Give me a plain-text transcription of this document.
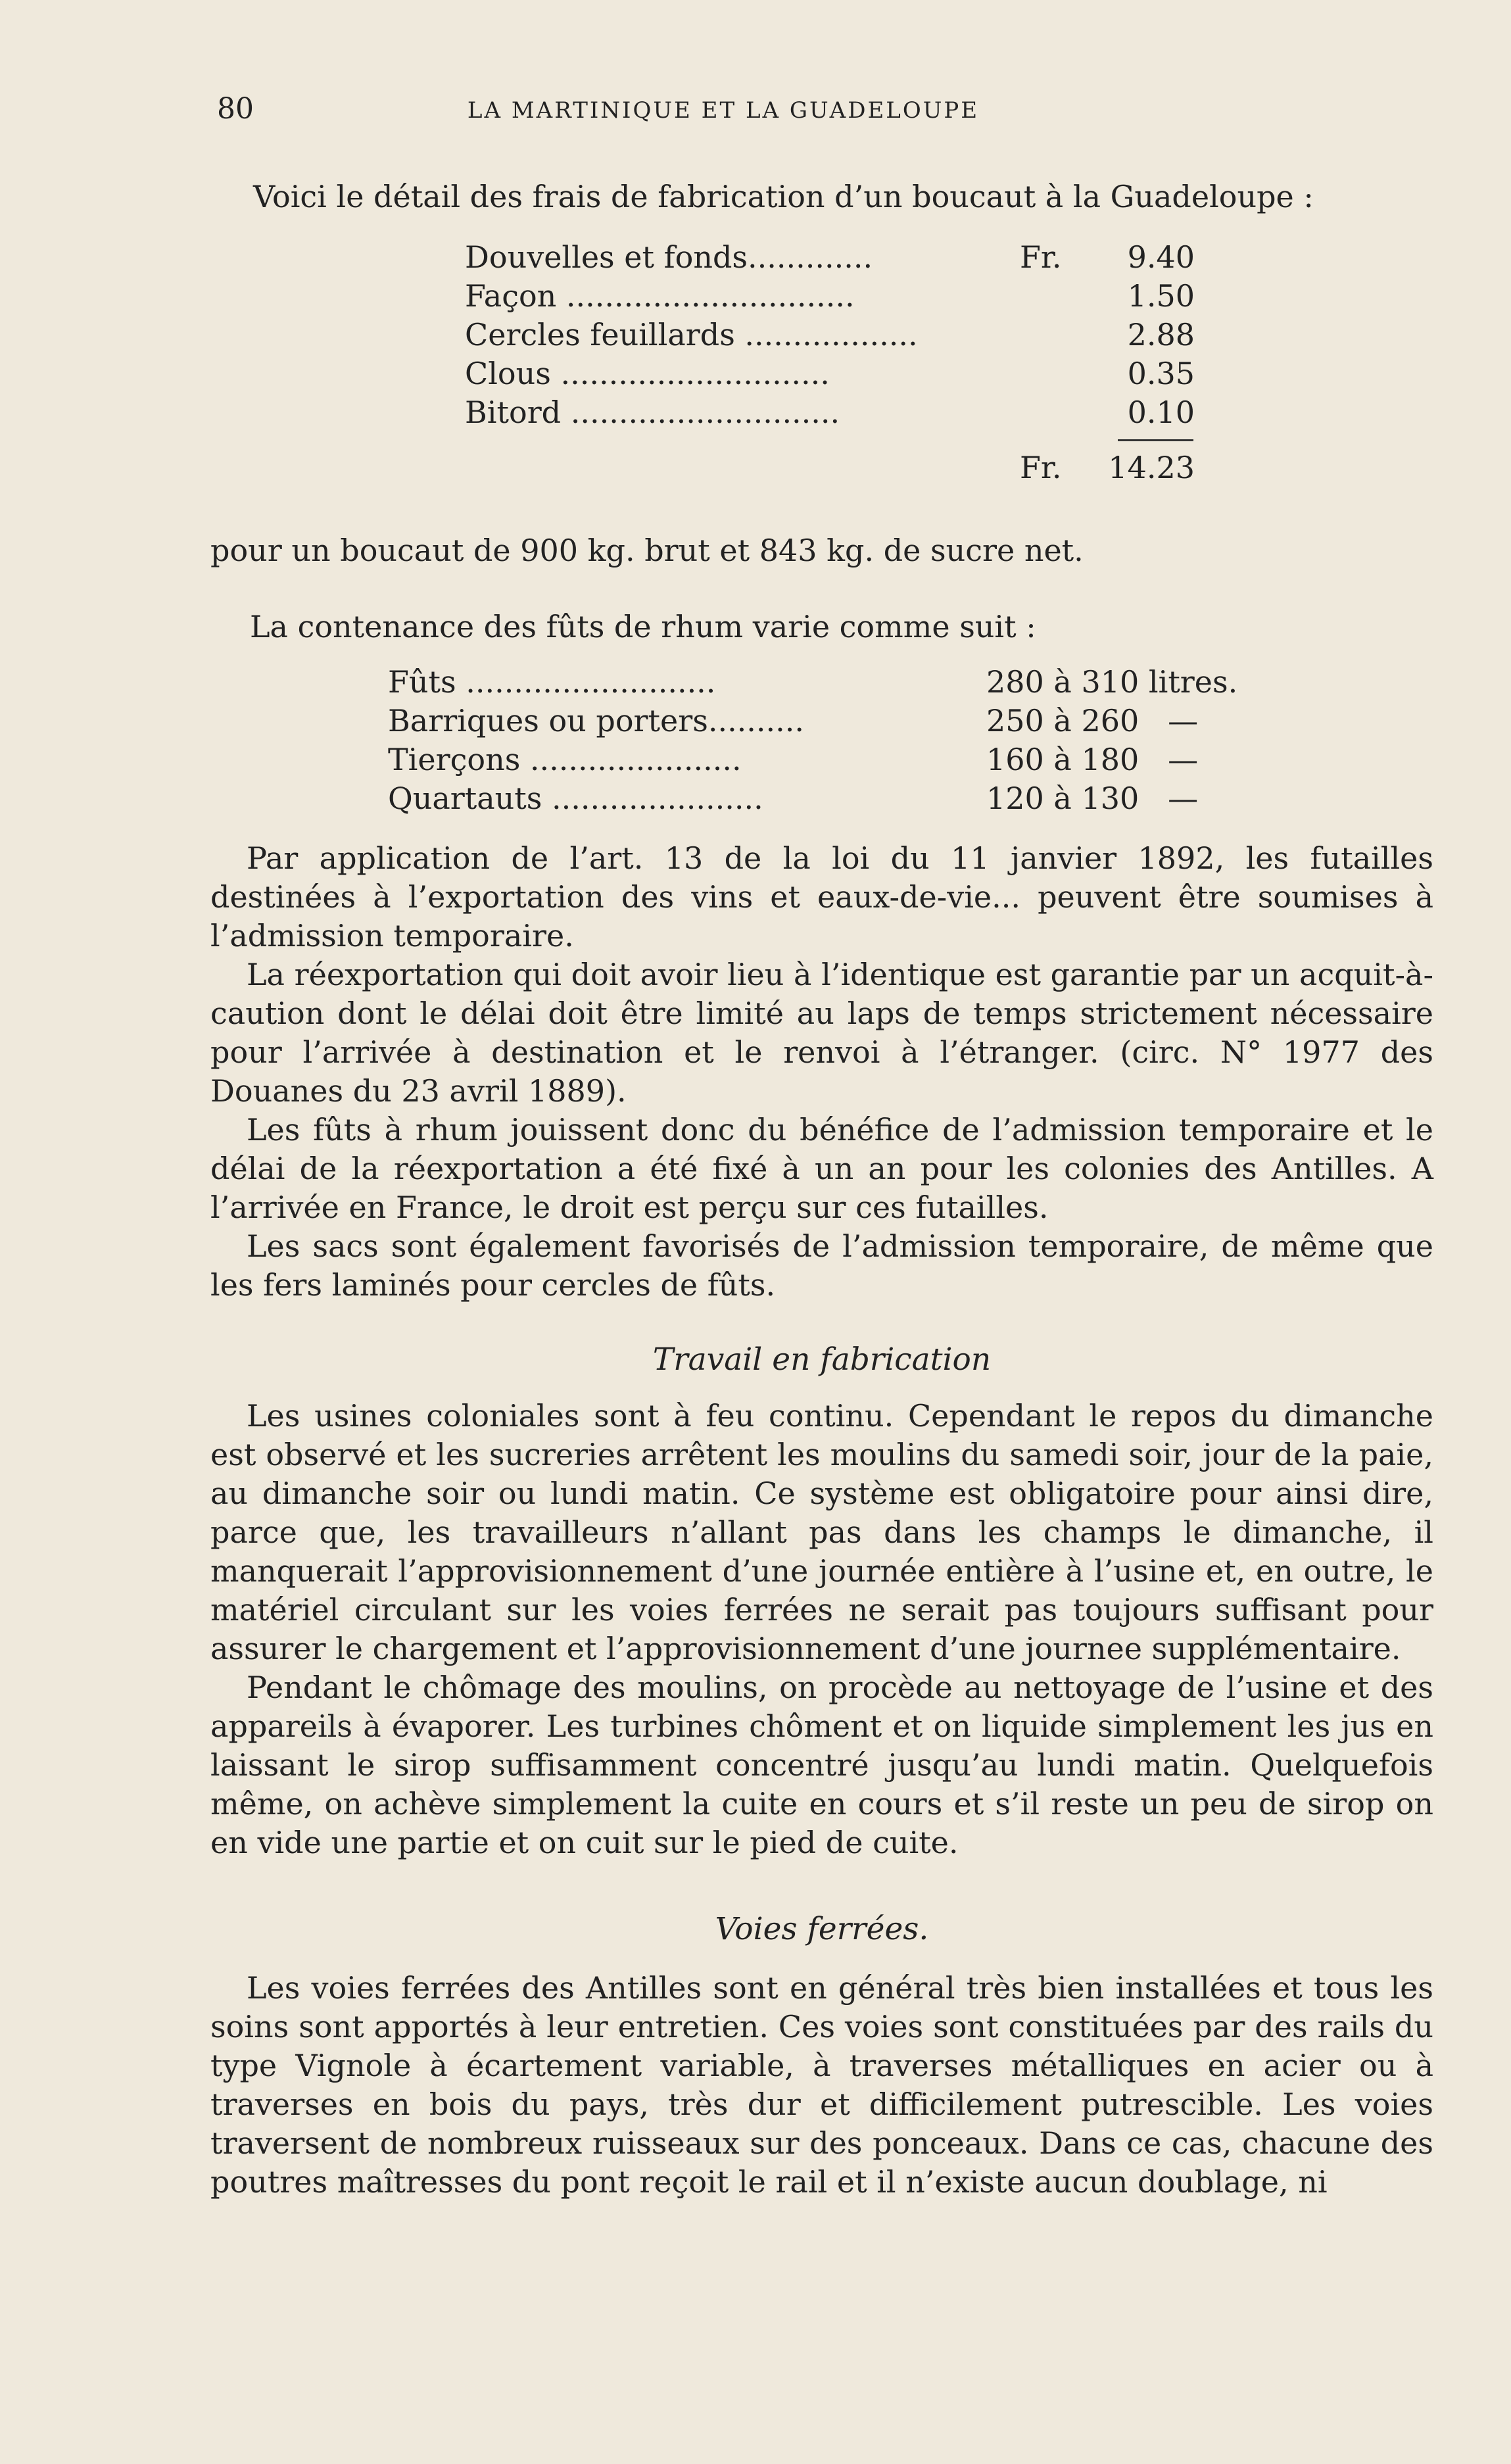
80	LA MARTINIQUE ET LA GUADELOUPE

Voici le détail des frais de fabrication d’un boucaut à la Guadeloupe :

Douvelles et fonds.............	Fr.	9.40
Façon ..............................	1.50
Cercles feuillards ..................	2.88
Clous ............................	0.35
Bitord ............................	0.10
Fr.	14.23

pour un boucaut de 900 kg. brut et 843 kg. de sucre net.

La contenance des fûts de rhum varie comme suit :

Fûts ..........................	280 à 310 litres.
Barriques ou porters..........	250 à 260   —
Tierçons ......................	160 à 180   —
Quartauts ......................	120 à 130   —

Par application de l’art. 13 de la loi du 11 janvier 1892, les futailles destinées à l’exportation des vins et eaux-de-vie... peuvent être soumises à l’admission temporaire.

La réexportation qui doit avoir lieu à l’identique est garantie par un acquit-à-caution dont le délai doit être limité au laps de temps strictement nécessaire pour l’arrivée à destination et le renvoi à l’étranger. (circ. N° 1977 des Douanes du 23 avril 1889).

Les fûts à rhum jouissent donc du bénéfice de l’admission temporaire et le délai de la réexportation a été fixé à un an pour les colonies des Antilles. A l’arrivée en France, le droit est perçu sur ces futailles.

Les sacs sont également favorisés de l’admission temporaire, de même que les fers laminés pour cercles de fûts.

Travail en fabrication

Les usines coloniales sont à feu continu. Cependant le repos du dimanche est observé et les sucreries arrêtent les moulins du samedi soir, jour de la paie, au dimanche soir ou lundi matin. Ce système est obligatoire pour ainsi dire, parce que, les travailleurs n’allant pas dans les champs le dimanche, il manquerait l’approvisionnement d’une journée entière à l’usine et, en outre, le matériel circulant sur les voies ferrées ne serait pas toujours suffisant pour assurer le chargement et l’approvisionnement d’une journee supplémentaire.

Pendant le chômage des moulins, on procède au nettoyage de l’usine et des appareils à évaporer. Les turbines chôment et on liquide simplement les jus en laissant le sirop suffisamment concentré jusqu’au lundi matin. Quelquefois même, on achève simplement la cuite en cours et s’il reste un peu de sirop on en vide une partie et on cuit sur le pied de cuite.

Voies ferrées.

Les voies ferrées des Antilles sont en général très bien installées et tous les soins sont apportés à leur entretien. Ces voies sont constituées par des rails du type Vignole à écartement variable, à traverses métalliques en acier ou à traverses en bois du pays, très dur et difficilement putrescible. Les voies traversent de nombreux ruisseaux sur des ponceaux. Dans ce cas, chacune des poutres maîtresses du pont reçoit le rail et il n’existe aucun doublage, ni
